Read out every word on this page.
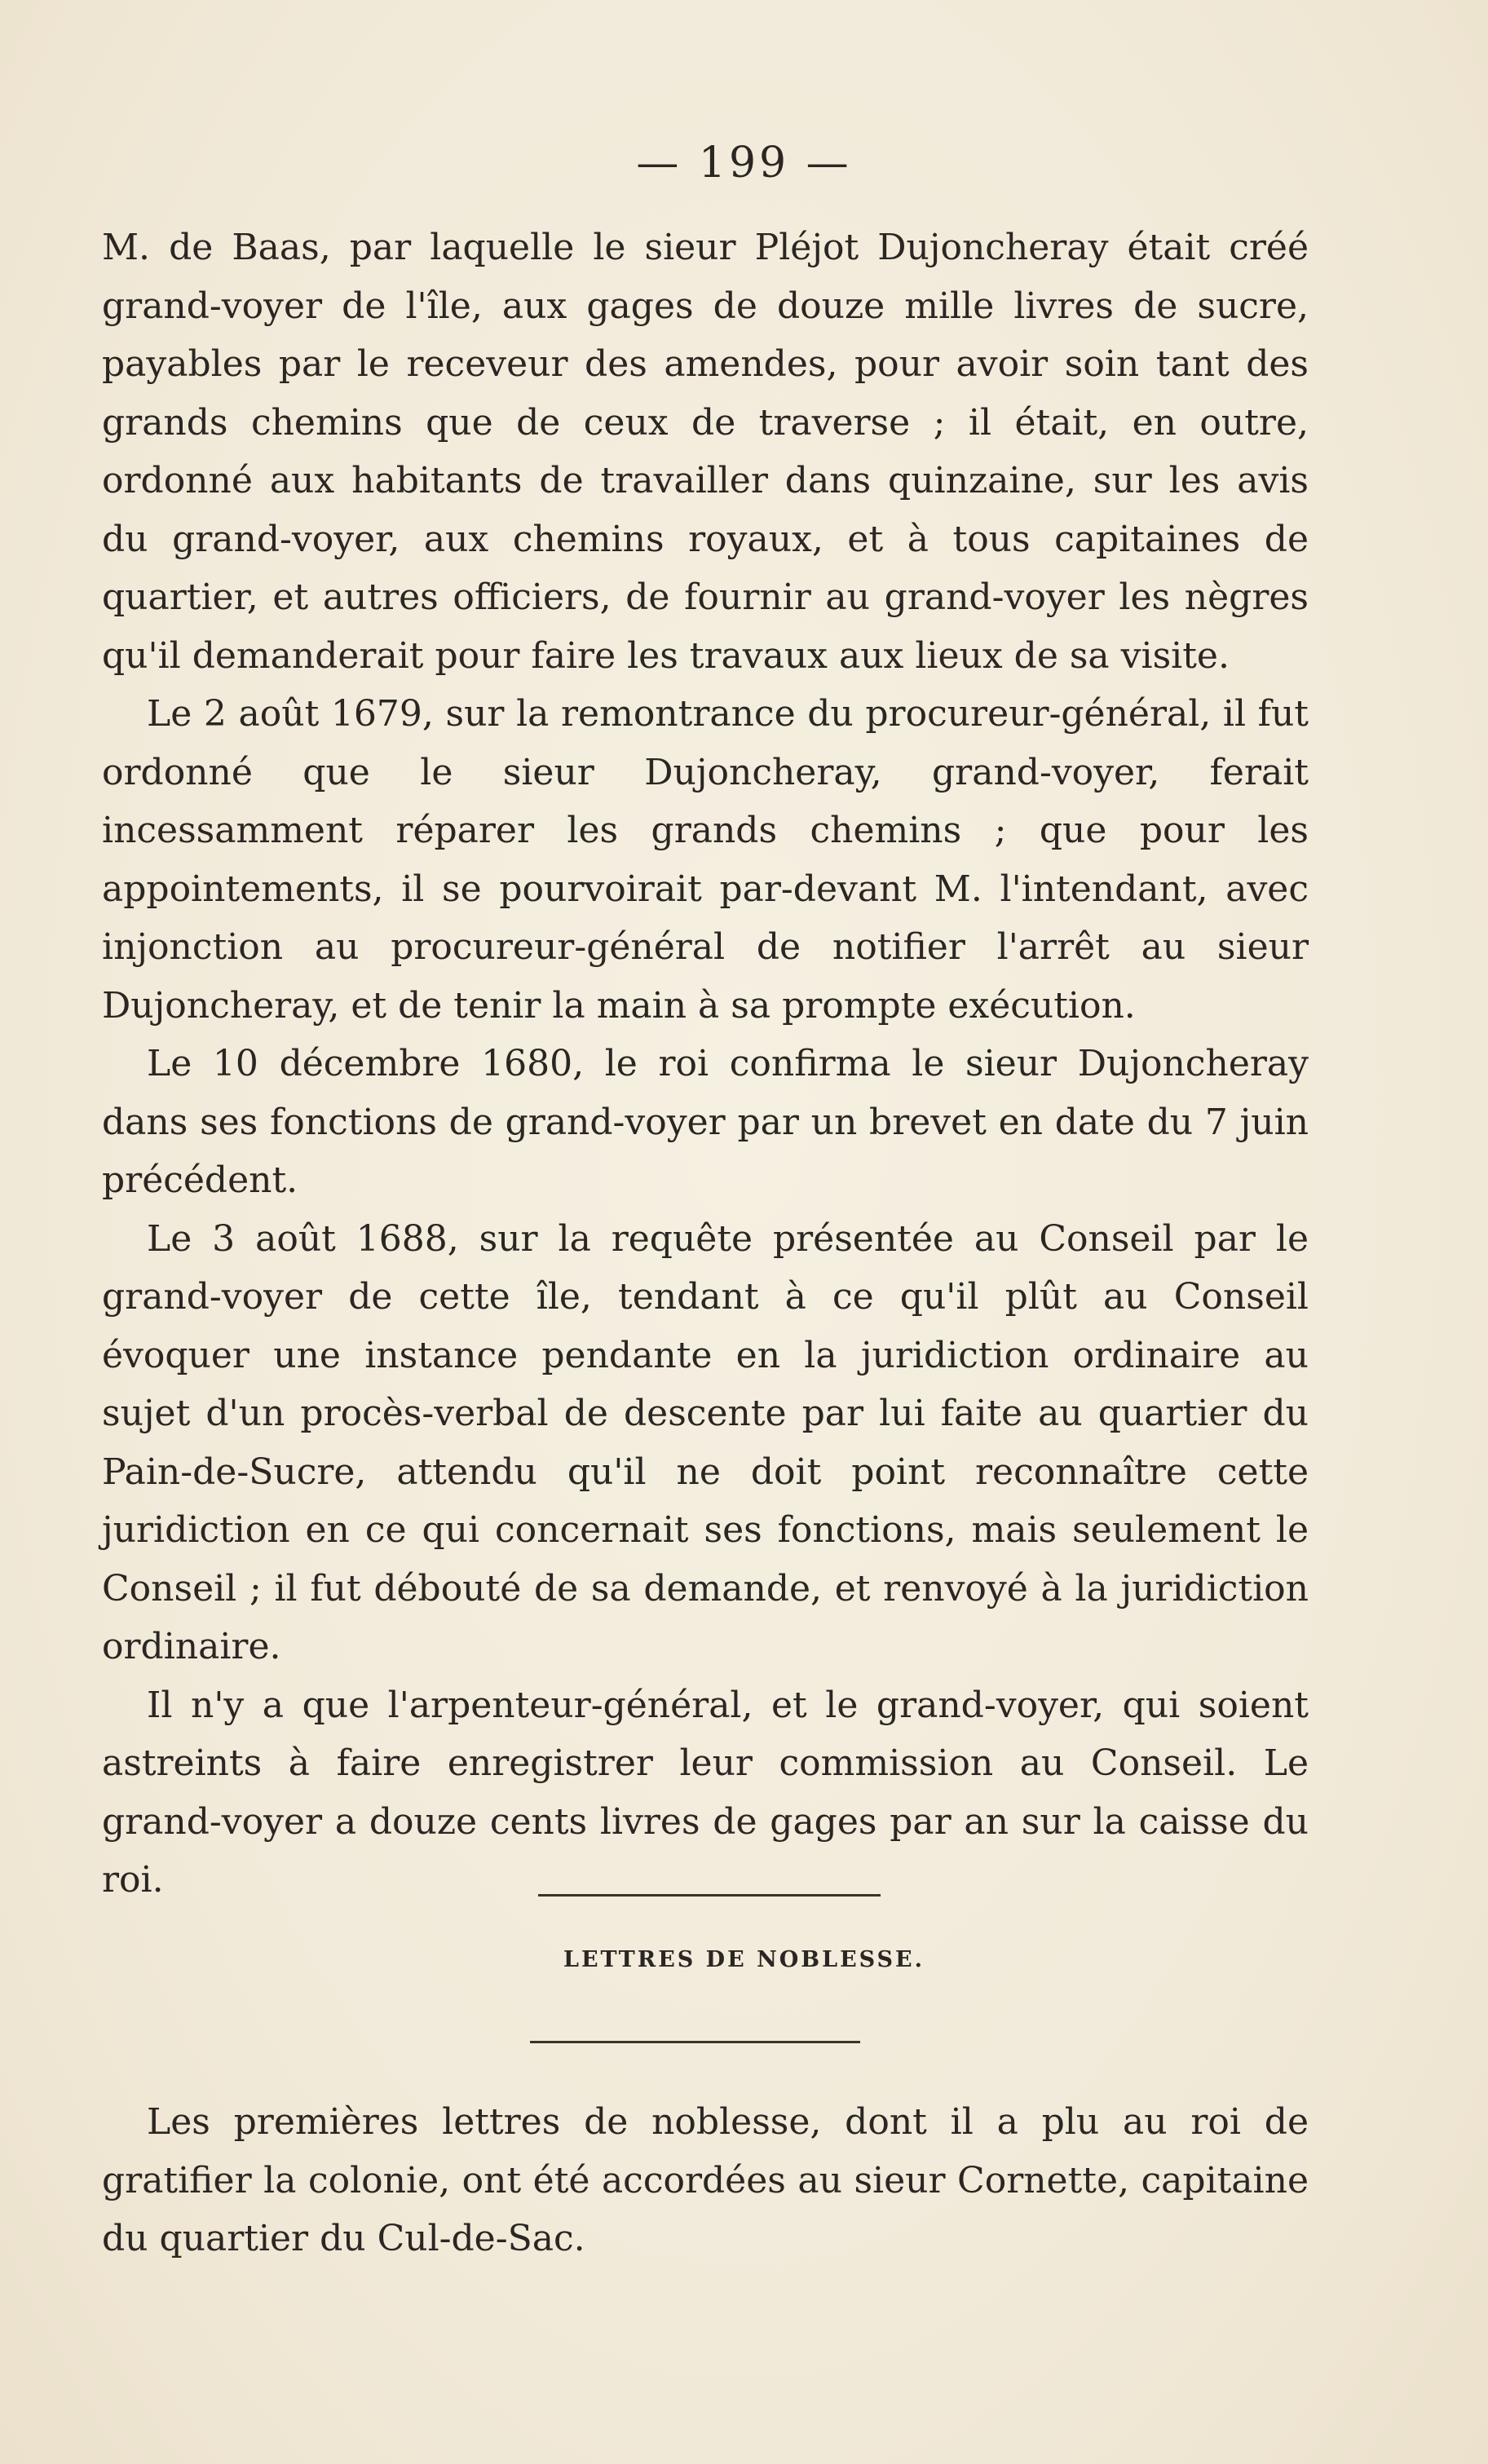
— 199 —

M. de Baas, par laquelle le sieur Pléjot Dujoncheray était créé grand-voyer de l'île, aux gages de douze mille livres de sucre, payables par le receveur des amendes, pour avoir soin tant des grands chemins que de ceux de traverse ; il était, en outre, ordonné aux habitants de travailler dans quinzaine, sur les avis du grand-voyer, aux chemins royaux, et à tous capitaines de quartier, et autres officiers, de fournir au grand-voyer les nègres qu'il demanderait pour faire les travaux aux lieux de sa visite.

Le 2 août 1679, sur la remontrance du procureur-général, il fut ordonné que le sieur Dujoncheray, grand-voyer, ferait incessamment réparer les grands chemins ; que pour les appointements, il se pourvoirait par-devant M. l'intendant, avec injonction au procureur-général de notifier l'arrêt au sieur Dujoncheray, et de tenir la main à sa prompte exécution.

Le 10 décembre 1680, le roi confirma le sieur Dujoncheray dans ses fonctions de grand-voyer par un brevet en date du 7 juin précédent.

Le 3 août 1688, sur la requête présentée au Conseil par le grand-voyer de cette île, tendant à ce qu'il plût au Conseil évoquer une instance pendante en la juridiction ordinaire au sujet d'un procès-verbal de descente par lui faite au quartier du Pain-de-Sucre, attendu qu'il ne doit point reconnaître cette juridiction en ce qui concernait ses fonctions, mais seulement le Conseil ; il fut débouté de sa demande, et renvoyé à la juridiction ordinaire.

Il n'y a que l'arpenteur-général, et le grand-voyer, qui soient astreints à faire enregistrer leur commission au Conseil. Le grand-voyer a douze cents livres de gages par an sur la caisse du roi.

LETTRES DE NOBLESSE.

Les premières lettres de noblesse, dont il a plu au roi de gratifier la colonie, ont été accordées au sieur Cornette, capitaine du quartier du Cul-de-Sac.
